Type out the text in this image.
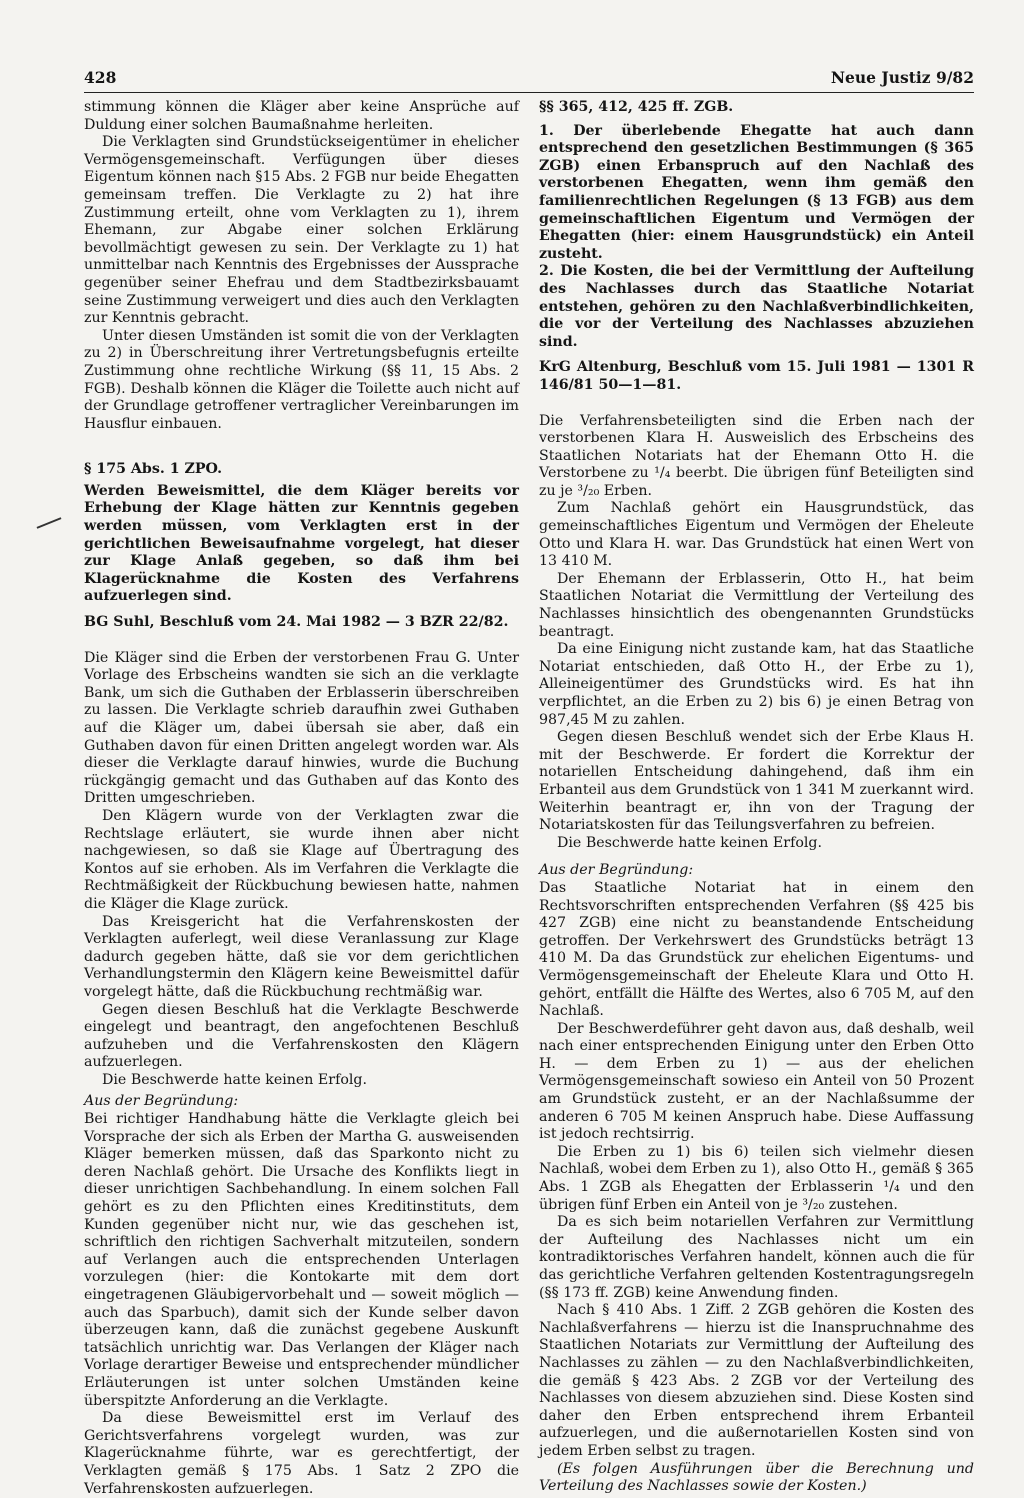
428	Neue Justiz 9/82

stimmung können die Kläger aber keine Ansprüche auf Duldung einer solchen Baumaßnahme herleiten.

Die Verklagten sind Grundstückseigentümer in ehelicher Vermögensgemeinschaft. Verfügungen über dieses Eigentum können nach §15 Abs. 2 FGB nur beide Ehegatten gemeinsam treffen. Die Verklagte zu 2) hat ihre Zustimmung erteilt, ohne vom Verklagten zu 1), ihrem Ehemann, zur Abgabe einer solchen Erklärung bevollmächtigt gewesen zu sein. Der Verklagte zu 1) hat unmittelbar nach Kenntnis des Ergebnisses der Aussprache gegenüber seiner Ehefrau und dem Stadtbezirksbauamt seine Zustimmung verweigert und dies auch den Verklagten zur Kenntnis gebracht.

Unter diesen Umständen ist somit die von der Verklagten zu 2) in Überschreitung ihrer Vertretungsbefugnis erteilte Zustimmung ohne rechtliche Wirkung (§§ 11, 15 Abs. 2 FGB). Deshalb können die Kläger die Toilette auch nicht auf der Grundlage getroffener vertraglicher Vereinbarungen im Hausflur einbauen.

§ 175 Abs. 1 ZPO.

Werden Beweismittel, die dem Kläger bereits vor Erhebung der Klage hätten zur Kenntnis gegeben werden müssen, vom Verklagten erst in der gerichtlichen Beweisaufnahme vorgelegt, hat dieser zur Klage Anlaß gegeben, so daß ihm bei Klagerücknahme die Kosten des Verfahrens aufzuerlegen sind.

BG Suhl, Beschluß vom 24. Mai 1982 — 3 BZR 22/82.

Die Kläger sind die Erben der verstorbenen Frau G. Unter Vorlage des Erbscheins wandten sie sich an die verklagte Bank, um sich die Guthaben der Erblasserin überschreiben zu lassen. Die Verklagte schrieb daraufhin zwei Guthaben auf die Kläger um, dabei übersah sie aber, daß ein Guthaben davon für einen Dritten angelegt worden war. Als dieser die Verklagte darauf hinwies, wurde die Buchung rückgängig gemacht und das Guthaben auf das Konto des Dritten umgeschrieben.

Den Klägern wurde von der Verklagten zwar die Rechtslage erläutert, sie wurde ihnen aber nicht nachgewiesen, so daß sie Klage auf Übertragung des Kontos auf sie erhoben. Als im Verfahren die Verklagte die Rechtmäßigkeit der Rückbuchung bewiesen hatte, nahmen die Kläger die Klage zurück.

Das Kreisgericht hat die Verfahrenskosten der Verklagten auferlegt, weil diese Veranlassung zur Klage dadurch gegeben hätte, daß sie vor dem gerichtlichen Verhandlungstermin den Klägern keine Beweismittel dafür vorgelegt hätte, daß die Rückbuchung rechtmäßig war.

Gegen diesen Beschluß hat die Verklagte Beschwerde eingelegt und beantragt, den angefochtenen Beschluß aufzuheben und die Verfahrenskosten den Klägern aufzuerlegen.

Die Beschwerde hatte keinen Erfolg.

Aus der Begründung:

Bei richtiger Handhabung hätte die Verklagte gleich bei Vorsprache der sich als Erben der Martha G. ausweisenden Kläger bemerken müssen, daß das Sparkonto nicht zu deren Nachlaß gehört. Die Ursache des Konflikts liegt in dieser unrichtigen Sachbehandlung. In einem solchen Fall gehört es zu den Pflichten eines Kreditinstituts, dem Kunden gegenüber nicht nur, wie das geschehen ist, schriftlich den richtigen Sachverhalt mitzuteilen, sondern auf Verlangen auch die entsprechenden Unterlagen vorzulegen (hier: die Kontokarte mit dem dort eingetragenen Gläubigervorbehalt und — soweit möglich — auch das Sparbuch), damit sich der Kunde selber davon überzeugen kann, daß die zunächst gegebene Auskunft tatsächlich unrichtig war. Das Verlangen der Kläger nach Vorlage derartiger Beweise und entsprechender mündlicher Erläuterungen ist unter solchen Umständen keine überspitzte Anforderung an die Verklagte.

Da diese Beweismittel erst im Verlauf des Gerichtsverfahrens vorgelegt wurden, was zur Klagerücknahme führte, war es gerechtfertigt, der Verklagten gemäß § 175 Abs. 1 Satz 2 ZPO die Verfahrenskosten aufzuerlegen.

§§ 365, 412, 425 ff. ZGB.

1. Der überlebende Ehegatte hat auch dann entsprechend den gesetzlichen Bestimmungen (§ 365 ZGB) einen Erbanspruch auf den Nachlaß des verstorbenen Ehegatten, wenn ihm gemäß den familienrechtlichen Regelungen (§ 13 FGB) aus dem gemeinschaftlichen Eigentum und Vermögen der Ehegatten (hier: einem Hausgrundstück) ein Anteil zusteht.

2. Die Kosten, die bei der Vermittlung der Aufteilung des Nachlasses durch das Staatliche Notariat entstehen, gehören zu den Nachlaßverbindlichkeiten, die vor der Verteilung des Nachlasses abzuziehen sind.

KrG Altenburg, Beschluß vom 15. Juli 1981 — 1301 R 146/81 50—1—81.

Die Verfahrensbeteiligten sind die Erben nach der verstorbenen Klara H. Ausweislich des Erbscheins des Staatlichen Notariats hat der Ehemann Otto H. die Verstorbene zu ¹/₄ beerbt. Die übrigen fünf Beteiligten sind zu je ³/₂₀ Erben.

Zum Nachlaß gehört ein Hausgrundstück, das gemeinschaftliches Eigentum und Vermögen der Eheleute Otto und Klara H. war. Das Grundstück hat einen Wert von 13 410 M.

Der Ehemann der Erblasserin, Otto H., hat beim Staatlichen Notariat die Vermittlung der Verteilung des Nachlasses hinsichtlich des obengenannten Grundstücks beantragt.

Da eine Einigung nicht zustande kam, hat das Staatliche Notariat entschieden, daß Otto H., der Erbe zu 1), Alleineigentümer des Grundstücks wird. Es hat ihn verpflichtet, an die Erben zu 2) bis 6) je einen Betrag von 987,45 M zu zahlen.

Gegen diesen Beschluß wendet sich der Erbe Klaus H. mit der Beschwerde. Er fordert die Korrektur der notariellen Entscheidung dahingehend, daß ihm ein Erbanteil aus dem Grundstück von 1 341 M zuerkannt wird. Weiterhin beantragt er, ihn von der Tragung der Notariatskosten für das Teilungsverfahren zu befreien.

Die Beschwerde hatte keinen Erfolg.

Aus der Begründung:

Das Staatliche Notariat hat in einem den Rechtsvorschriften entsprechenden Verfahren (§§ 425 bis 427 ZGB) eine nicht zu beanstandende Entscheidung getroffen. Der Verkehrswert des Grundstücks beträgt 13 410 M. Da das Grundstück zur ehelichen Eigentums- und Vermögensgemeinschaft der Eheleute Klara und Otto H. gehört, entfällt die Hälfte des Wertes, also 6 705 M, auf den Nachlaß.

Der Beschwerdeführer geht davon aus, daß deshalb, weil nach einer entsprechenden Einigung unter den Erben Otto H. — dem Erben zu 1) — aus der ehelichen Vermögensgemeinschaft sowieso ein Anteil von 50 Prozent am Grundstück zusteht, er an der Nachlaßsumme der anderen 6 705 M keinen Anspruch habe. Diese Auffassung ist jedoch rechtsirrig.

Die Erben zu 1) bis 6) teilen sich vielmehr diesen Nachlaß, wobei dem Erben zu 1), also Otto H., gemäß § 365 Abs. 1 ZGB als Ehegatten der Erblasserin ¹/₄ und den übrigen fünf Erben ein Anteil von je ³/₂₀ zustehen.

Da es sich beim notariellen Verfahren zur Vermittlung der Aufteilung des Nachlasses nicht um ein kontradiktorisches Verfahren handelt, können auch die für das gerichtliche Verfahren geltenden Kostentragungsregeln (§§ 173 ff. ZGB) keine Anwendung finden.

Nach § 410 Abs. 1 Ziff. 2 ZGB gehören die Kosten des Nachlaßverfahrens — hierzu ist die Inanspruchnahme des Staatlichen Notariats zur Vermittlung der Aufteilung des Nachlasses zu zählen — zu den Nachlaßverbindlichkeiten, die gemäß § 423 Abs. 2 ZGB vor der Verteilung des Nachlasses von diesem abzuziehen sind. Diese Kosten sind daher den Erben entsprechend ihrem Erbanteil aufzuerlegen, und die außernotariellen Kosten sind von jedem Erben selbst zu tragen.

(Es folgen Ausführungen über die Berechnung und Verteilung des Nachlasses sowie der Kosten.)
